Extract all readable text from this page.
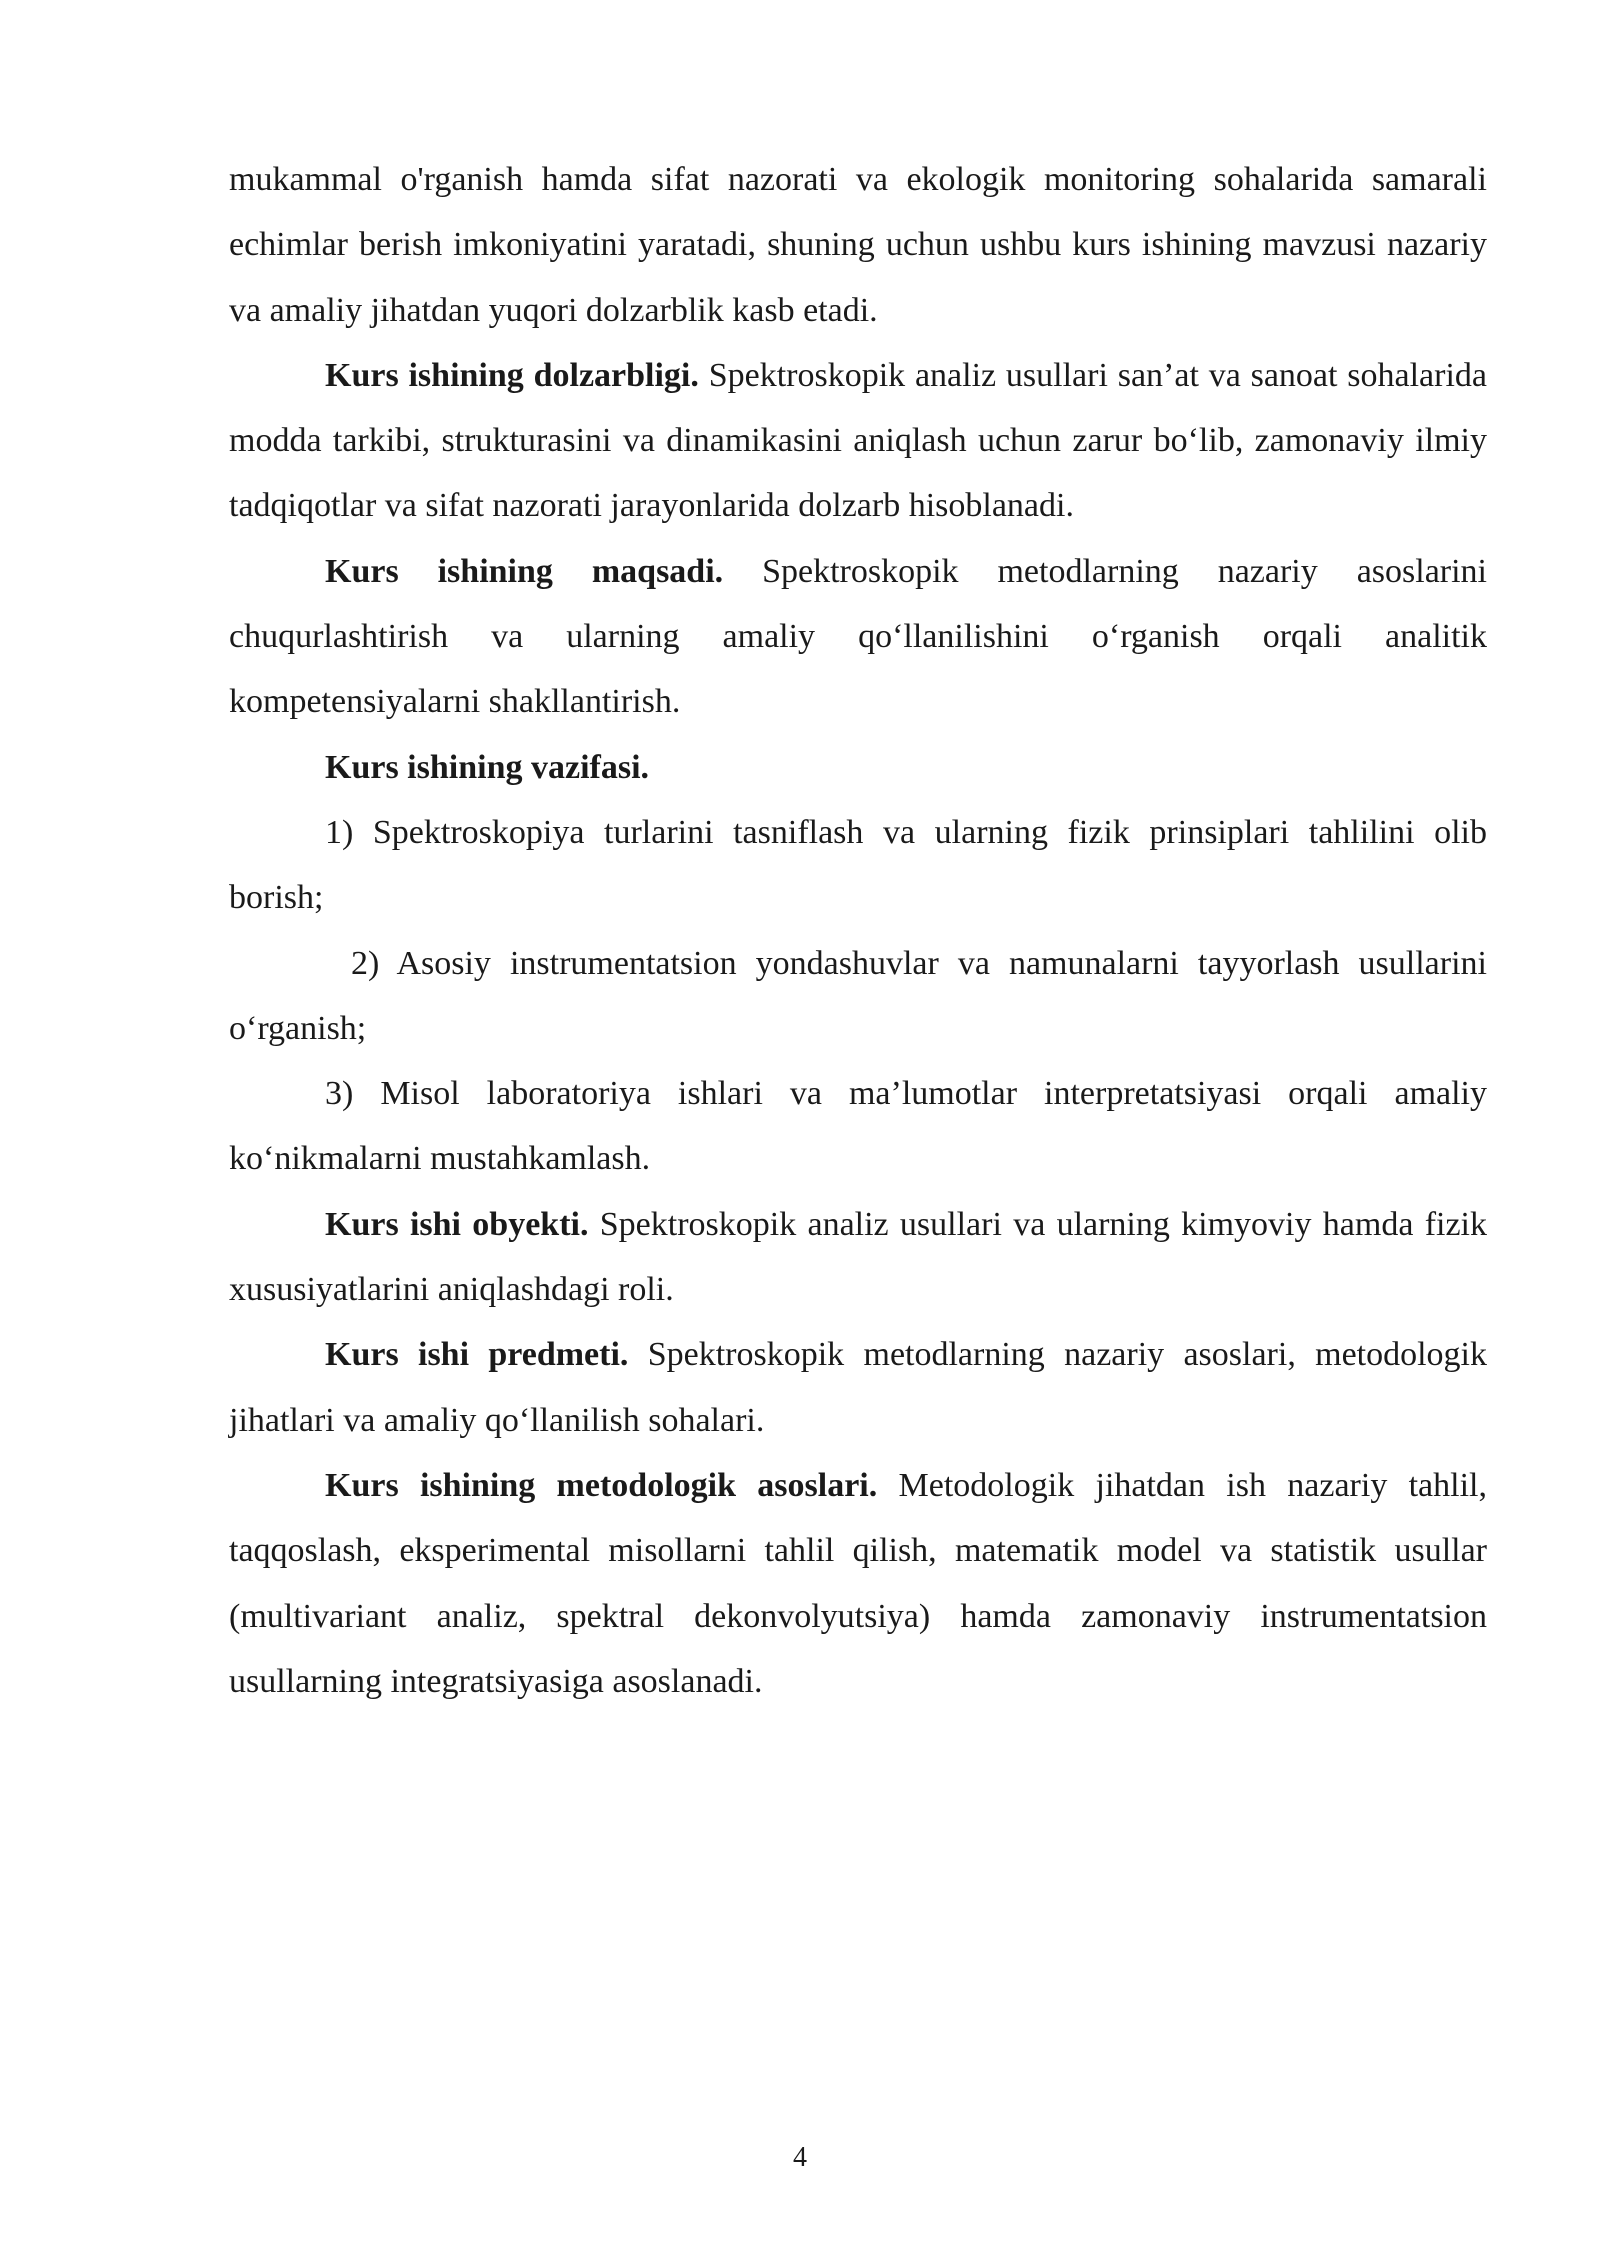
mukammal o'rganish hamda sifat nazorati va ekologik monitoring sohalarida samarali echimlar berish imkoniyatini yaratadi, shuning uchun ushbu kurs ishining mavzusi nazariy va amaliy jihatdan yuqori dolzarblik kasb etadi.

Kurs ishining dolzarbligi. Spektroskopik analiz usullari san’at va sanoat sohalarida modda tarkibi, strukturasini va dinamikasini aniqlash uchun zarur bo‘lib, zamonaviy ilmiy tadqiqotlar va sifat nazorati jarayonlarida dolzarb hisoblanadi.

Kurs ishining maqsadi. Spektroskopik metodlarning nazariy asoslarini chuqurlashtirish va ularning amaliy qo‘llanilishini o‘rganish orqali analitik kompetensiyalarni shakllantirish.

Kurs ishining vazifasi.

1) Spektroskopiya turlarini tasniflash va ularning fizik prinsiplari tahlilini olib borish;

2) Asosiy instrumentatsion yondashuvlar va namunalarni tayyorlash usullarini o‘rganish;

3) Misol laboratoriya ishlari va ma’lumotlar interpretatsiyasi orqali amaliy ko‘nikmalarni mustahkamlash.

Kurs ishi obyekti. Spektroskopik analiz usullari va ularning kimyoviy hamda fizik xususiyatlarini aniqlashdagi roli.

Kurs ishi predmeti. Spektroskopik metodlarning nazariy asoslari, metodologik jihatlari va amaliy qo‘llanilish sohalari.

Kurs ishining metodologik asoslari. Metodologik jihatdan ish nazariy tahlil, taqqoslash, eksperimental misollarni tahlil qilish, matematik model va statistik usullar (multivariant analiz, spektral dekonvolyutsiya) hamda zamonaviy instrumentatsion usullarning integratsiyasiga asoslanadi.

4
